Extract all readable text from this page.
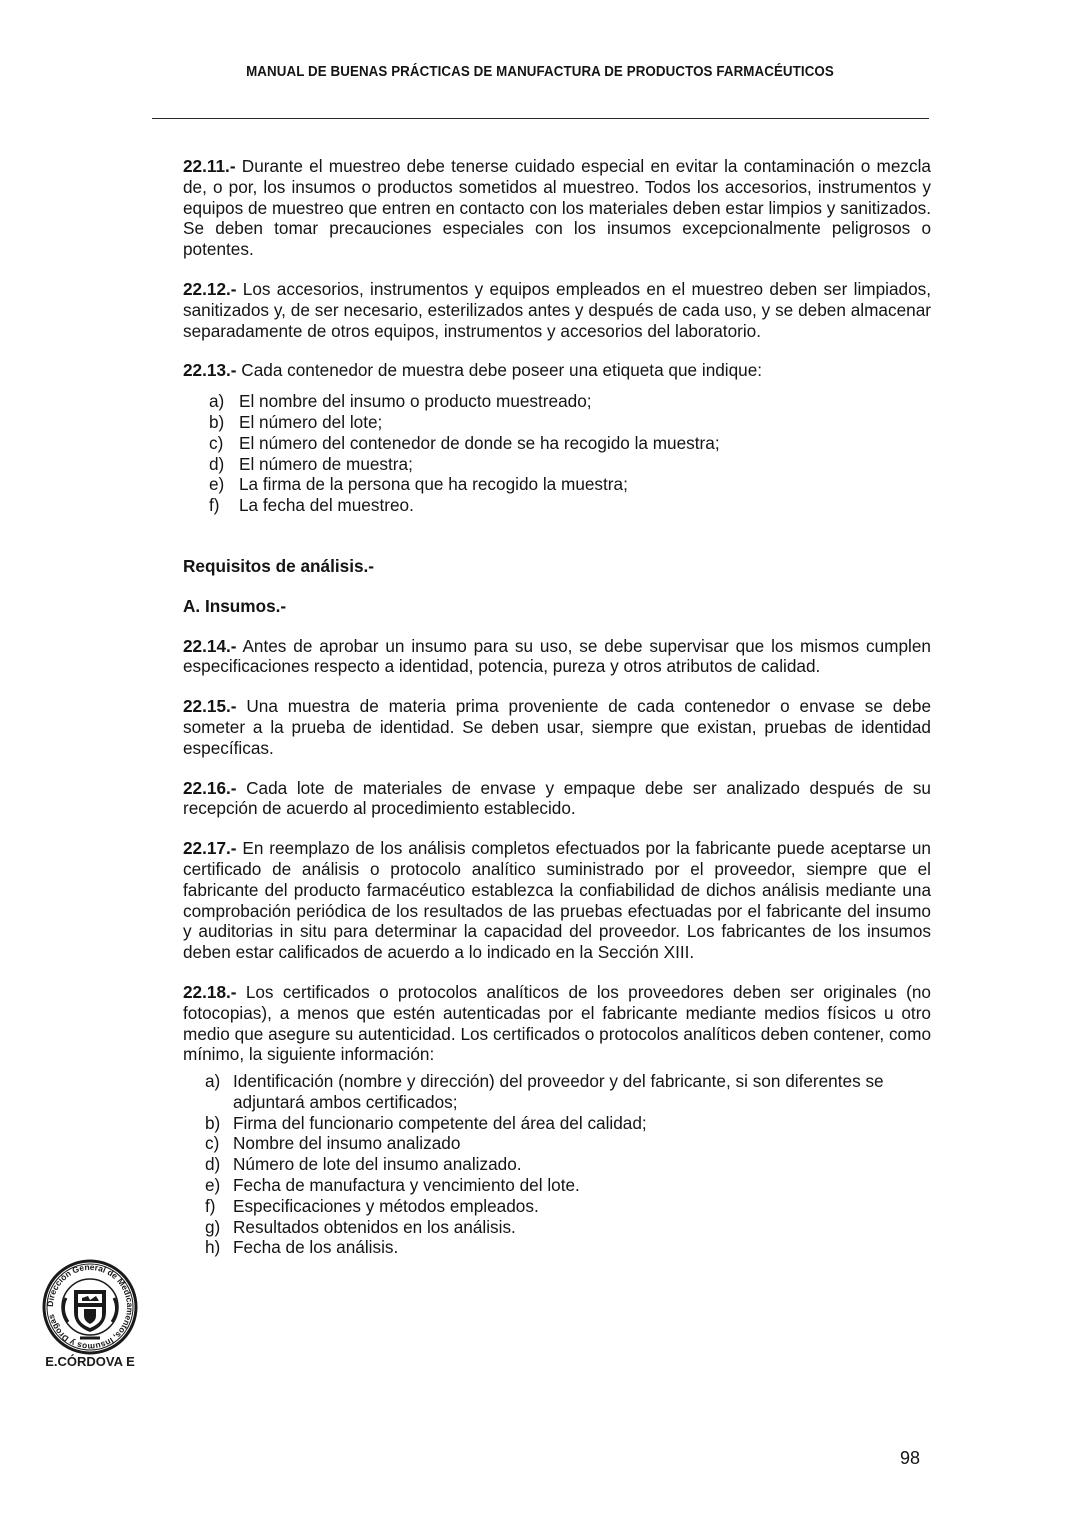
MANUAL DE BUENAS PRÁCTICAS DE MANUFACTURA DE PRODUCTOS FARMACÉUTICOS

22.11.- Durante el muestreo debe tenerse cuidado especial en evitar la contaminación o mezcla de, o por, los insumos o productos sometidos al muestreo. Todos los accesorios, instrumentos y equipos de muestreo que entren en contacto con los materiales deben estar limpios y sanitizados. Se deben tomar precauciones especiales con los insumos excepcionalmente peligrosos o potentes.

22.12.- Los accesorios, instrumentos y equipos empleados en el muestreo deben ser limpiados, sanitizados y, de ser necesario, esterilizados antes y después de cada uso, y se deben almacenar separadamente de otros equipos, instrumentos y accesorios del laboratorio.

22.13.- Cada contenedor de muestra debe poseer una etiqueta que indique:

a) El nombre del insumo o producto muestreado;
b) El número del lote;
c) El número del contenedor de donde se ha recogido la muestra;
d) El número de muestra;
e) La firma de la persona que ha recogido la muestra;
f)	La fecha del muestreo.
Requisitos de análisis.-
A. Insumos.-

22.14.- Antes de aprobar un insumo para su uso, se debe supervisar que los mismos cumplen especificaciones respecto a identidad, potencia, pureza y otros atributos de calidad.

22.15.- Una muestra de materia prima proveniente de cada contenedor o envase se debe someter a la prueba de identidad. Se deben usar, siempre que existan, pruebas de identidad específicas.

22.16.- Cada lote de materiales de envase y empaque debe ser analizado después de su recepción de acuerdo al procedimiento establecido.

22.17.- En reemplazo de los análisis completos efectuados por la fabricante puede aceptarse un certificado de análisis o protocolo analítico suministrado por el proveedor, siempre que el fabricante del producto farmacéutico establezca la confiabilidad de dichos análisis mediante una comprobación periódica de los resultados de las pruebas efectuadas por el fabricante del insumo y auditorias in situ para determinar la capacidad del proveedor. Los fabricantes de los insumos deben estar calificados de acuerdo a lo indicado en la Sección XIII.

22.18.- Los certificados o protocolos analíticos de los proveedores deben ser originales (no fotocopias), a menos que estén autenticadas por el fabricante mediante medios físicos u otro medio que asegure su autenticidad. Los certificados o protocolos analíticos deben contener, como mínimo, la siguiente información:

a) Identificación (nombre y dirección) del proveedor y del fabricante, si son diferentes se adjuntará ambos certificados;
b) Firma del funcionario competente del área del calidad;
c) Nombre del insumo analizado
d) Número de lote del insumo analizado.
e) Fecha de manufactura y vencimiento del lote.
f)	Especificaciones y métodos empleados.
g) Resultados obtenidos en los análisis.
h) Fecha de los análisis.
Dirección General de Medicamentos, Insumos y Drogas
E.CÓRDOVA E
98
